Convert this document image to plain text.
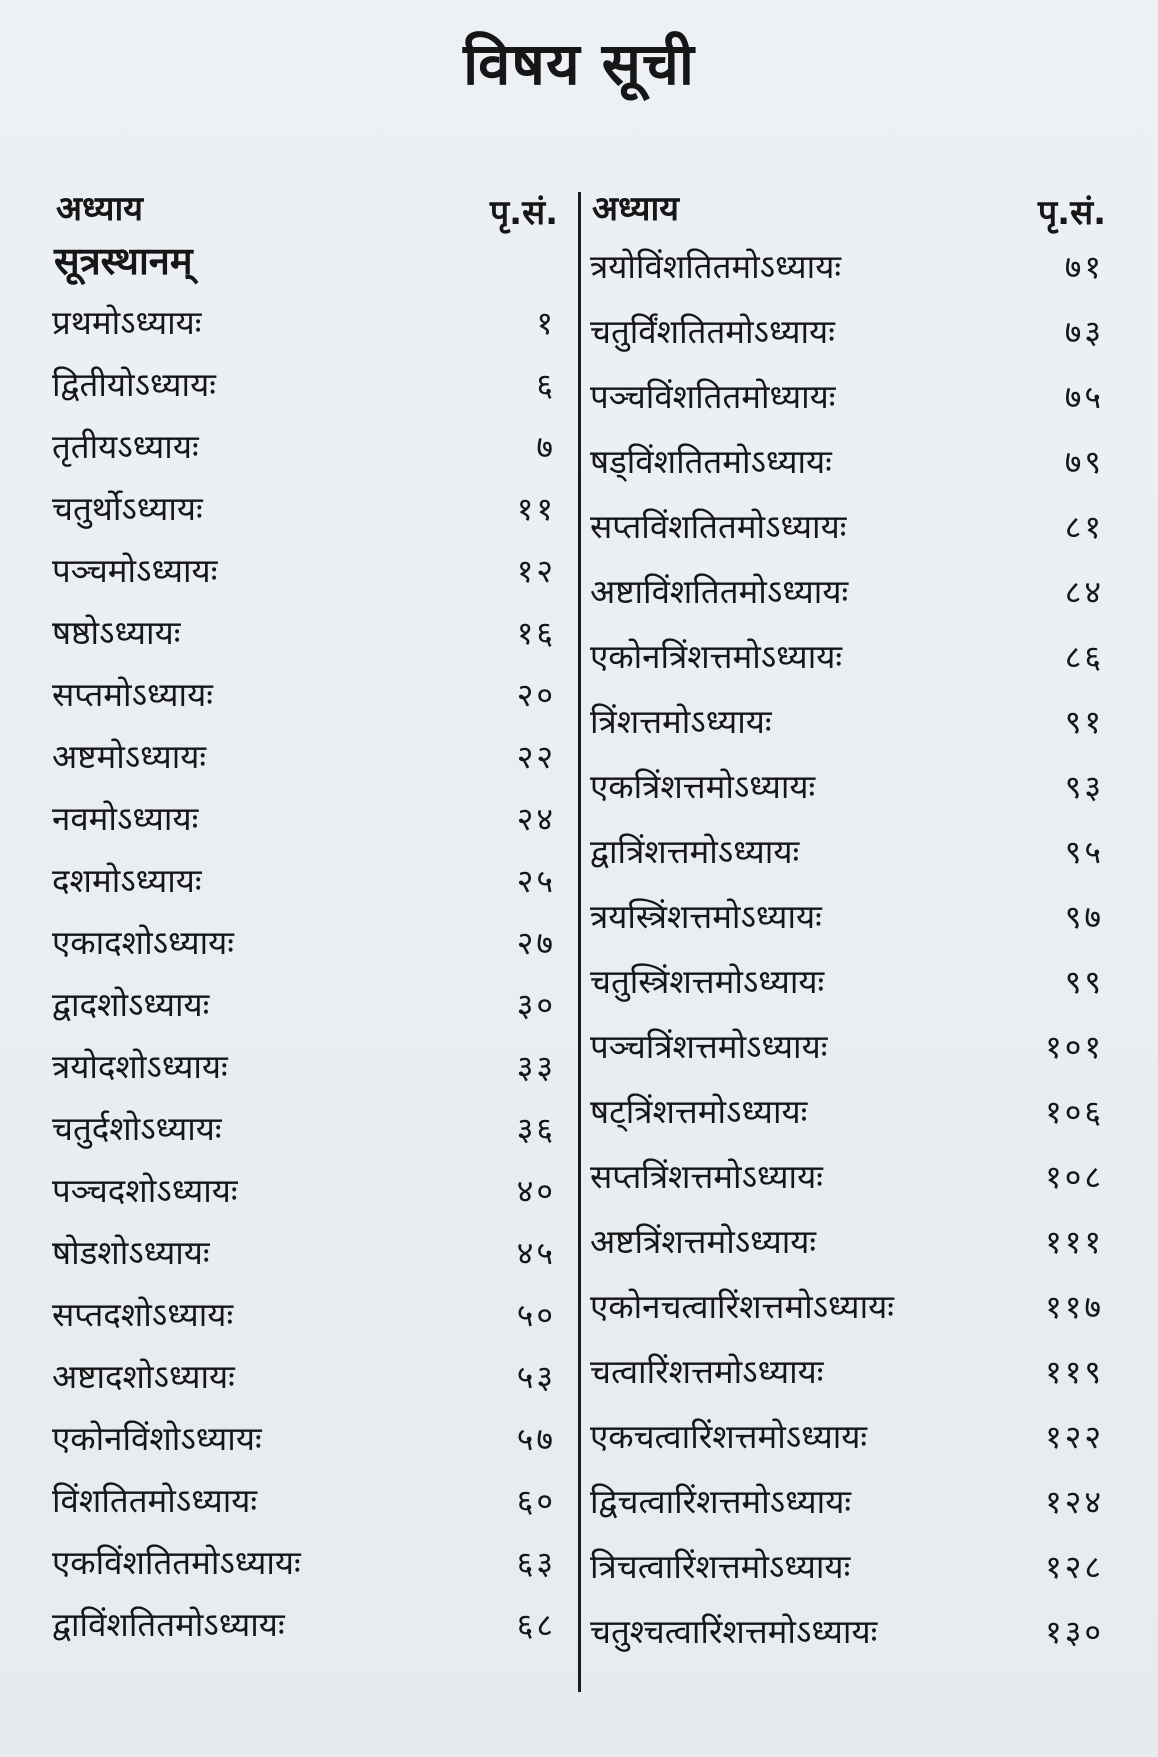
विषय सूची
अध्याय	पृ.सं.
सूत्रस्थानम्
प्रथमोऽध्यायः	१
द्वितीयोऽध्यायः	६
तृतीयऽध्यायः	७
चतुर्थोऽध्यायः	११
पञ्चमोऽध्यायः	१२
षष्ठोऽध्यायः	१६
सप्तमोऽध्यायः	२०
अष्टमोऽध्यायः	२२
नवमोऽध्यायः	२४
दशमोऽध्यायः	२५
एकादशोऽध्यायः	२७
द्वादशोऽध्यायः	३०
त्रयोदशोऽध्यायः	३३
चतुर्दशोऽध्यायः	३६
पञ्चदशोऽध्यायः	४०
षोडशोऽध्यायः	४५
सप्तदशोऽध्यायः	५०
अष्टादशोऽध्यायः	५३
एकोनविंशोऽध्यायः	५७
विंशतितमोऽध्यायः	६०
एकविंशतितमोऽध्यायः	६३
द्वाविंशतितमोऽध्यायः	६८
अध्याय	पृ.सं.
त्रयोविंशतितमोऽध्यायः	७१
चतुर्विंशतितमोऽध्यायः	७३
पञ्चविंशतितमोध्यायः	७५
षड्विंशतितमोऽध्यायः	७९
सप्तविंशतितमोऽध्यायः	८१
अष्टाविंशतितमोऽध्यायः	८४
एकोनत्रिंशत्तमोऽध्यायः	८६
त्रिंशत्तमोऽध्यायः	९१
एकत्रिंशत्तमोऽध्यायः	९३
द्वात्रिंशत्तमोऽध्यायः	९५
त्रयस्त्रिंशत्तमोऽध्यायः	९७
चतुस्त्रिंशत्तमोऽध्यायः	९९
पञ्चत्रिंशत्तमोऽध्यायः	१०१
षट्त्रिंशत्तमोऽध्यायः	१०६
सप्तत्रिंशत्तमोऽध्यायः	१०८
अष्टत्रिंशत्तमोऽध्यायः	१११
एकोनचत्वारिंशत्तमोऽध्यायः	११७
चत्वारिंशत्तमोऽध्यायः	११९
एकचत्वारिंशत्तमोऽध्यायः	१२२
द्विचत्वारिंशत्तमोऽध्यायः	१२४
त्रिचत्वारिंशत्तमोऽध्यायः	१२८
चतुश्चत्वारिंशत्तमोऽध्यायः	१३०
